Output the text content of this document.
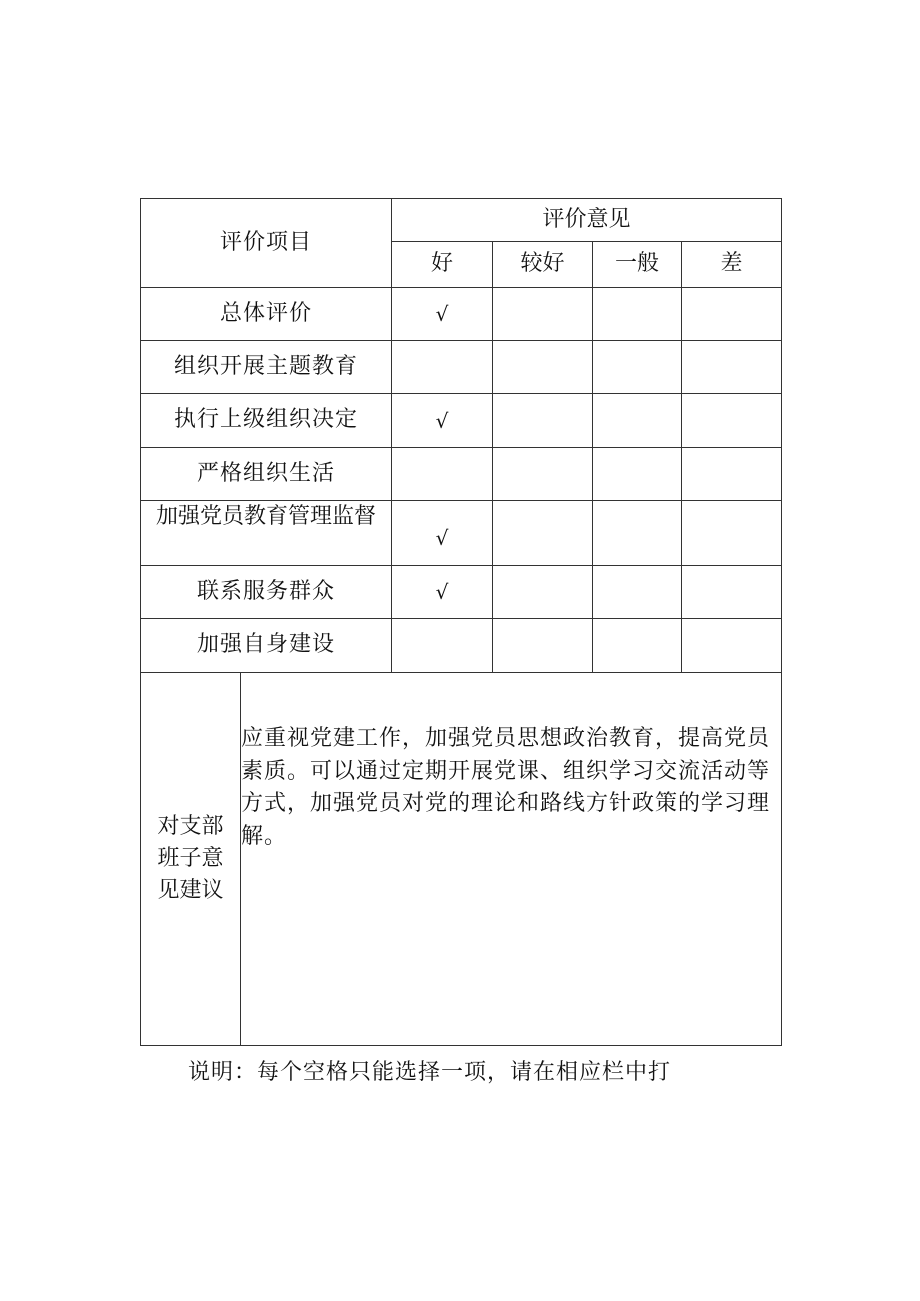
评价项目		评价意见			
		好	较好	一般	差
总体评价		√			
组织开展主题教育					
执行上级组织决定		√			
严格组织生活					
加强党员教育管理监督		√			
联系服务群众		√			
加强自身建设					

对支部
班子意
见建议	应重视党建工作，加强党员思想政治教育，提高党员素质。可以通过定期开展党课、组织学习交流活动等方式，加强党员对党的理论和路线方针政策的学习理解。				
说明：每个空格只能选择一项，请在相应栏中打
